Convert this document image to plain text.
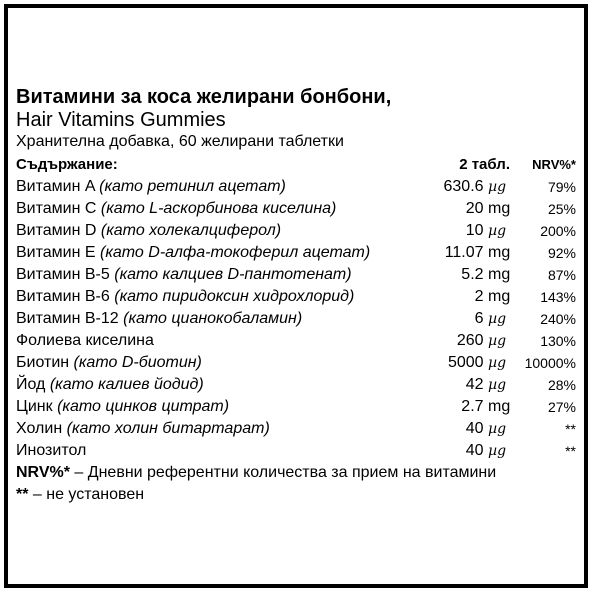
Витамини за коса желирани бонбони,

Hair Vitamins Gummies

Хранителна добавка, 60 желирани таблетки

Съдържание:	2 табл. NRV%*
Витамин A (като ретинил ацетат)	630.6 µg	79%
Витамин C (като L-аскорбинова киселина)	20 mg	25%
Витамин D (като холекалциферол)	10 µg	200%
Витамин E (като D-алфа-токоферил ацетат)	11.07 mg	92%
Витамин B-5 (като калциев D-пантотенат)	5.2 mg	87%
Витамин B-6 (като пиридоксин хидрохлорид)	2 mg 143%
Витамин B-12 (като цианокобаламин)	6 µg	240%
Фолиева киселина	260 µg	130%
Биотин (като D-биотин)	5000 µg	10000%
Йод (като калиев йодид)	42 µg	28%
Цинк (като цинков цитрат)	2.7 mg	27%
Холин (като холин битартарат)	40 µg	**
Инозитол	40 µg	**
NRV%* – Дневни референтни количества за прием на витамини
** – не установен
